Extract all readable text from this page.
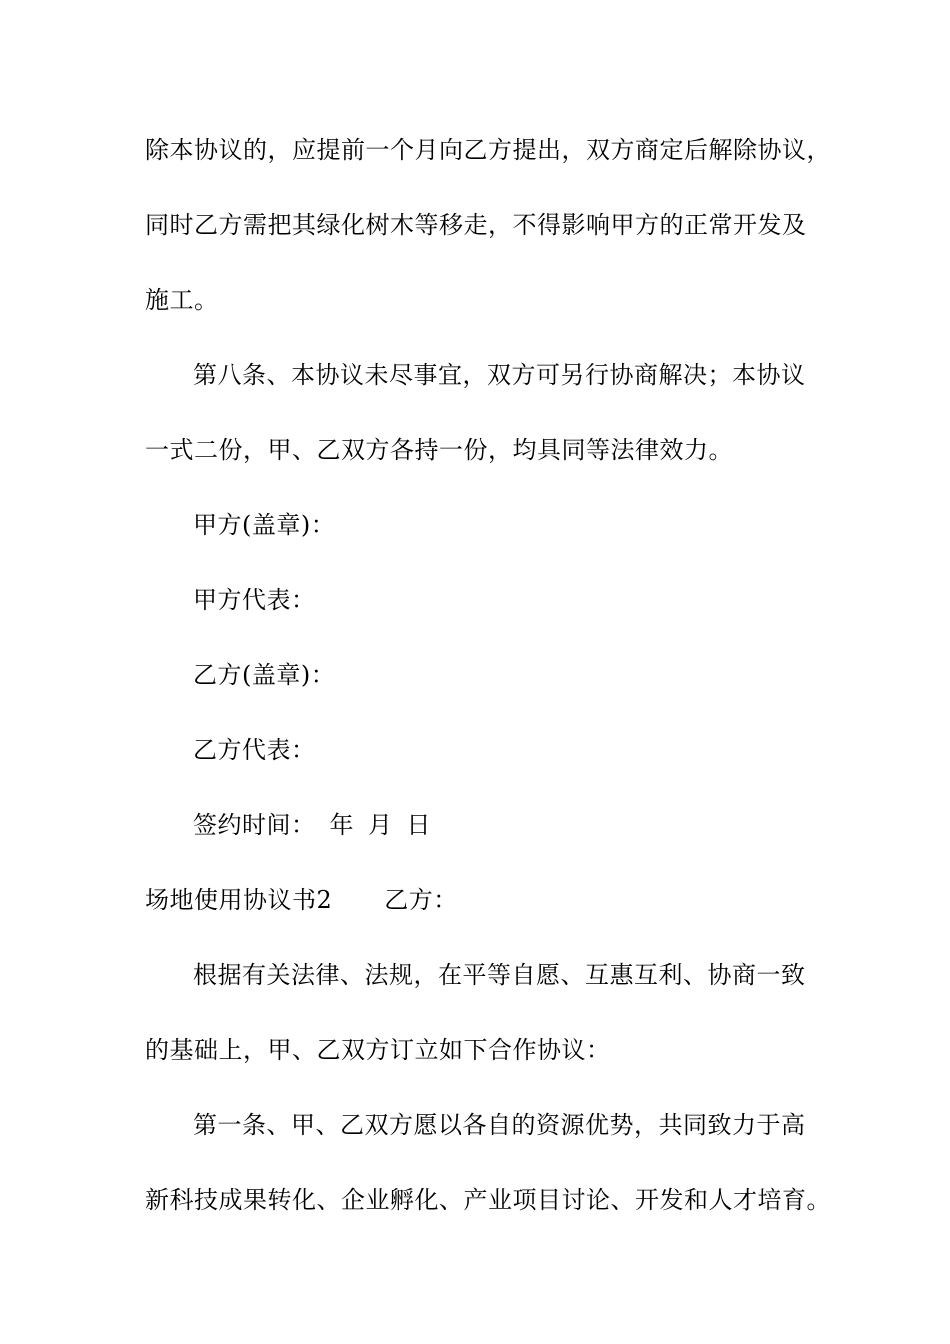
除本协议的，应提前一个月向乙方提出，双方商定后解除协议，
同时乙方需把其绿化树木等移走，不得影响甲方的正常开发及
施工。
第八条、本协议未尽事宜，双方可另行协商解决；本协议
一式二份，甲、乙双方各持一份，均具同等法律效力。
甲方(盖章)：
甲方代表：
乙方(盖章)：
乙方代表：
签约时间： 年 月 日
场地使用协议书2 乙方：
根据有关法律、法规，在平等自愿、互惠互利、协商一致
的基础上，甲、乙双方订立如下合作协议：
第一条、甲、乙双方愿以各自的资源优势，共同致力于高
新科技成果转化、企业孵化、产业项目讨论、开发和人才培育。
